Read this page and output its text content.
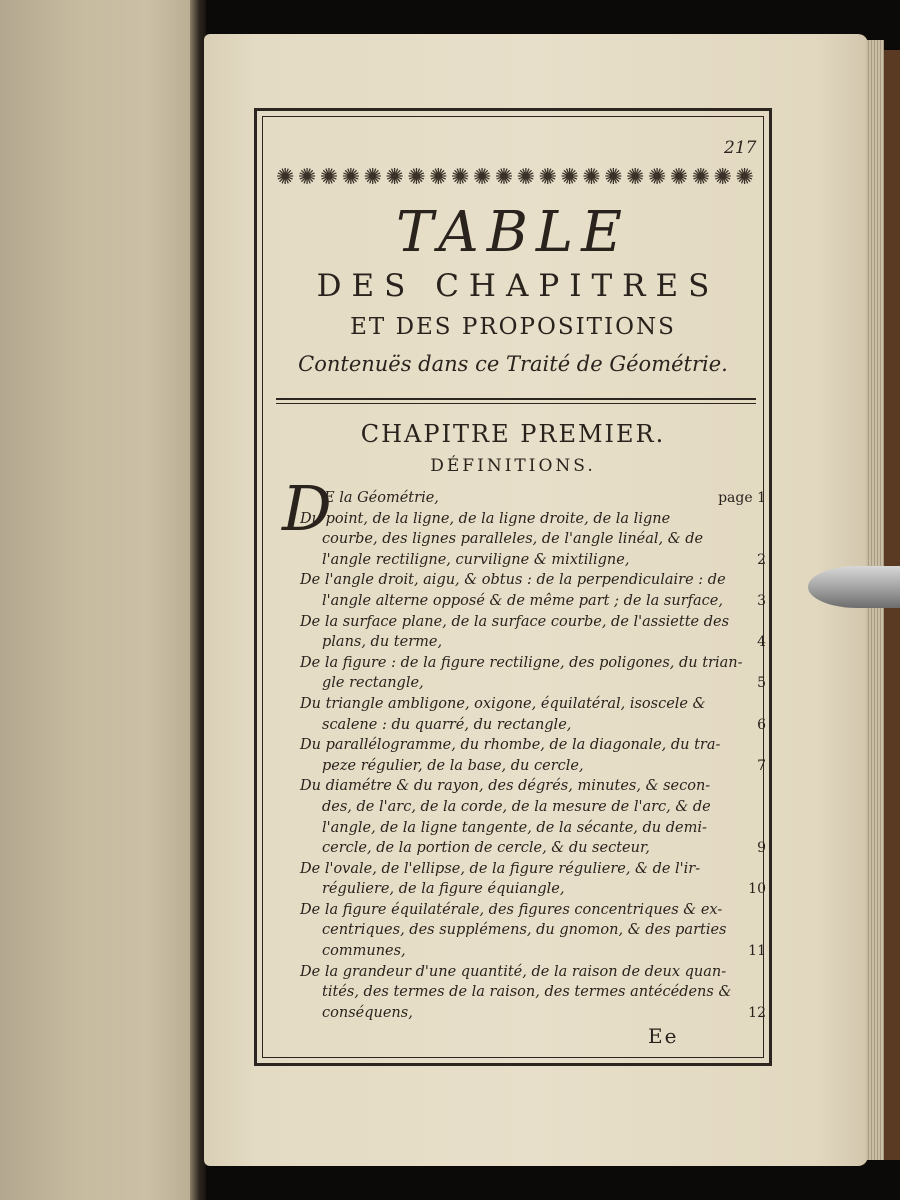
217
✺ ✺ ✺ ✺ ✺ ✺ ✺ ✺ ✺ ✺ ✺ ✺ ✺ ✺ ✺ ✺ ✺ ✺ ✺ ✺ ✺ ✺
TABLE
DES CHAPITRES
ET DES PROPOSITIONS
Contenuës dans ce Traité de Géométrie.
CHAPITRE PREMIER.
DÉFINITIONS.
D
E la Géométrie,	page 1
Du point, de la ligne, de la ligne droite, de la ligne
courbe, des lignes paralleles, de l'angle linéal, & de
l'angle rectiligne, curviligne & mixtiligne,	2
De l'angle droit, aigu, & obtus : de la perpendiculaire : de
l'angle alterne opposé & de même part ; de la surface, 3
De la surface plane, de la surface courbe, de l'assiette des
plans, du terme,	4
De la figure : de la figure rectiligne, des poligones, du trian-
gle rectangle,	5
Du triangle ambligone, oxigone, équilatéral, isoscele &
scalene : du quarré, du rectangle,	6
Du parallélogramme, du rhombe, de la diagonale, du tra-
peze régulier, de la base, du cercle,	7
Du diamétre & du rayon, des dégrés, minutes, & secon-
des, de l'arc, de la corde, de la mesure de l'arc, & de
l'angle, de la ligne tangente, de la sécante, du demi-
cercle, de la portion de cercle, & du secteur,	9
De l'ovale, de l'ellipse, de la figure réguliere, & de l'ir-
réguliere, de la figure équiangle,	10
De la figure équilatérale, des figures concentriques & ex-
centriques, des supplémens, du gnomon, & des parties
communes,	11
De la grandeur d'une quantité, de la raison de deux quan-
tités, des termes de la raison, des termes antécédens &
conséquens,	12
Ee
